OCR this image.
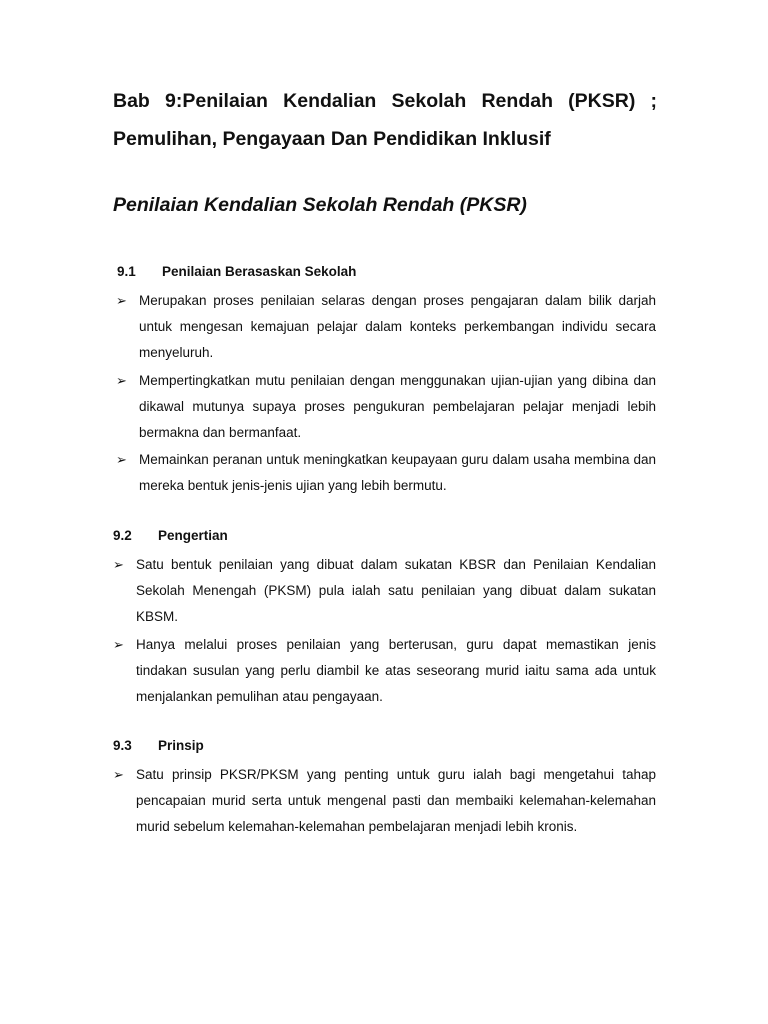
Bab 9:Penilaian Kendalian Sekolah Rendah (PKSR) ; Pemulihan, Pengayaan Dan Pendidikan Inklusif
Penilaian Kendalian Sekolah Rendah (PKSR)
9.1 Penilaian Berasaskan Sekolah
➢ Merupakan proses penilaian selaras dengan proses pengajaran dalam bilik darjah untuk mengesan kemajuan pelajar dalam konteks perkembangan individu secara menyeluruh.
➢ Mempertingkatkan mutu penilaian dengan menggunakan ujian-ujian yang dibina dan dikawal mutunya supaya proses pengukuran pembelajaran pelajar menjadi lebih bermakna dan bermanfaat.
➢ Memainkan peranan untuk meningkatkan keupayaan guru dalam usaha membina dan mereka bentuk jenis-jenis ujian yang lebih bermutu.
9.2 Pengertian
➢ Satu bentuk penilaian yang dibuat dalam sukatan KBSR dan Penilaian Kendalian Sekolah Menengah (PKSM) pula ialah satu penilaian yang dibuat dalam sukatan KBSM.
➢ Hanya melalui proses penilaian yang berterusan, guru dapat memastikan jenis tindakan susulan yang perlu diambil ke atas seseorang murid iaitu sama ada untuk menjalankan pemulihan atau pengayaan.
9.3 Prinsip
➢ Satu prinsip PKSR/PKSM yang penting untuk guru ialah bagi mengetahui tahap pencapaian murid serta untuk mengenal pasti dan membaiki kelemahan-kelemahan murid sebelum kelemahan-kelemahan pembelajaran menjadi lebih kronis.
